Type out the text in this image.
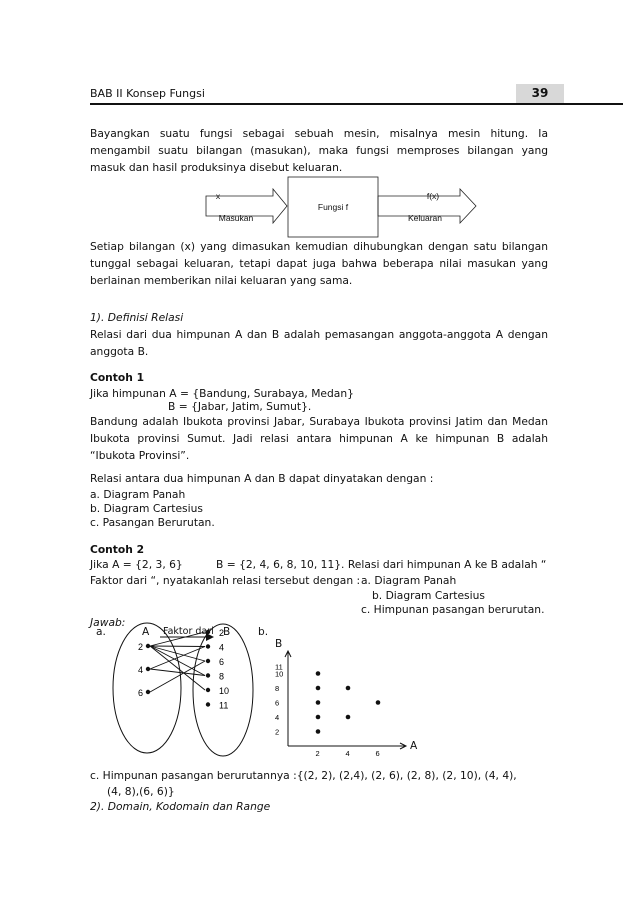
BAB II Konsep Fungsi	39
Bayangkan suatu fungsi sebagai sebuah mesin, misalnya mesin hitung. Ia mengambil suatu bilangan (masukan), maka fungsi memproses bilangan yang masuk dan hasil produksinya disebut keluaran.
x
Masukan
Fungsi f
f(x)
Keluaran
Setiap bilangan (x) yang dimasukan kemudian dihubungkan dengan satu bilangan tunggal sebagai keluaran, tetapi dapat juga bahwa beberapa nilai masukan yang berlainan memberikan nilai keluaran yang sama.
1). Definisi Relasi
Relasi dari dua himpunan A dan B adalah pemasangan anggota-anggota A dengan anggota B.
Contoh 1
Jika himpunan A = {Bandung, Surabaya, Medan}
B = {Jabar, Jatim, Sumut}.
Bandung adalah Ibukota provinsi Jabar, Surabaya Ibukota provinsi Jatim dan Medan Ibukota provinsi Sumut. Jadi relasi antara himpunan A ke himpunan B adalah “Ibukota Provinsi”.
Relasi antara dua himpunan A dan B dapat dinyatakan dengan :
a. Diagram Panah
b. Diagram Cartesius
c. Pasangan Berurutan.
Contoh 2
Jika A = {2, 3, 6}	B = {2, 4, 6, 8, 10, 11}. Relasi dari himpunan A ke B adalah “
Faktor dari “, nyatakanlah relasi tersebut dengan : a. Diagram Panah
b. Diagram Cartesius
c. Himpunan pasangan berurutan.
Jawab:
2
4
6
2
4
6
8
10
11
2	4	6
2
4
6
8
10
11
a.	A	B
Faktor dari	b.
B
A
c. Himpunan pasangan berurutannya :{(2, 2), (2,4), (2, 6), (2, 8), (2, 10), (4, 4),
(4, 8),(6, 6)}
2). Domain, Kodomain dan Range
